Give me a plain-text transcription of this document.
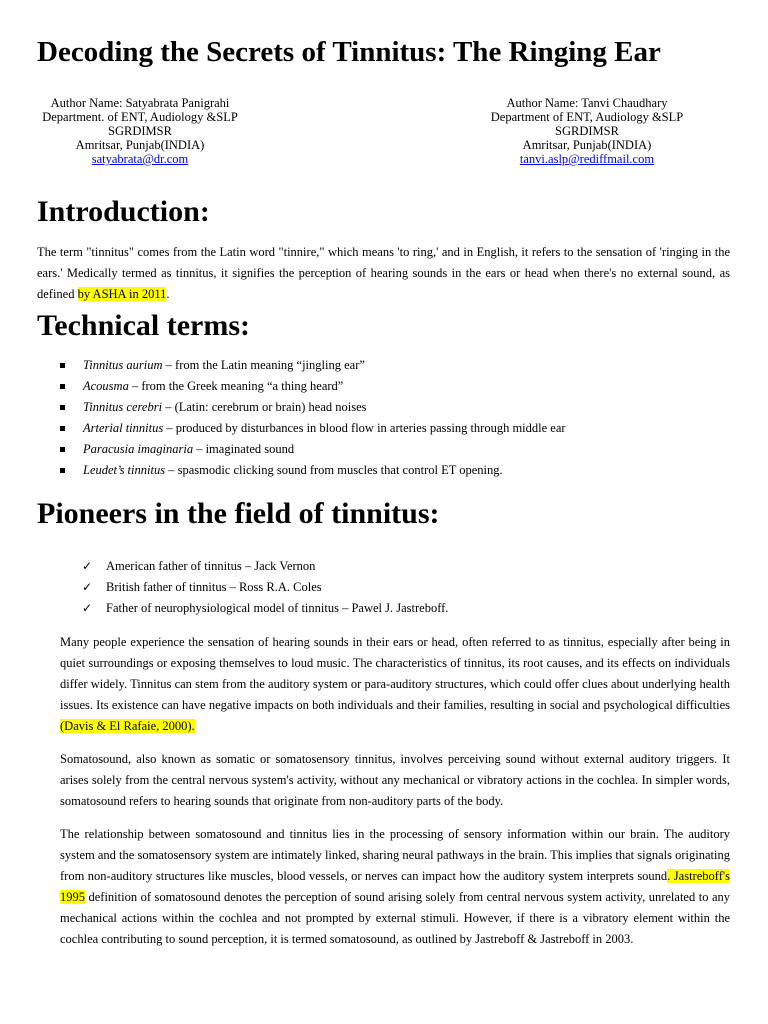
Decoding the Secrets of Tinnitus: The Ringing Ear
Author Name: Satyabrata Panigrahi
Department. of ENT, Audiology &SLP
SGRDIMSR
Amritsar, Punjab(INDIA)
satyabrata@dr.com
Author Name: Tanvi Chaudhary
Department of ENT, Audiology &SLP
SGRDIMSR
Amritsar, Punjab(INDIA)
tanvi.aslp@rediffmail.com
Introduction:

The term "tinnitus" comes from the Latin word "tinnire," which means 'to ring,' and in English, it refers to the sensation of 'ringing in the ears.' Medically termed as tinnitus, it signifies the perception of hearing sounds in the ears or head when there's no external sound, as defined by ASHA in 2011.

Technical terms:
Tinnitus aurium – from the Latin meaning “jingling ear”
Acousma – from the Greek meaning “a thing heard”
Tinnitus cerebri – (Latin: cerebrum or brain) head noises
Arterial tinnitus – produced by disturbances in blood flow in arteries passing through middle ear
Paracusia imaginaria – imaginated sound
Leudet’s tinnitus – spasmodic clicking sound from muscles that control ET opening.
Pioneers in the field of tinnitus:
✓ American father of tinnitus – Jack Vernon
✓ British father of tinnitus – Ross R.A. Coles
✓ Father of neurophysiological model of tinnitus – Pawel J. Jastreboff.

Many people experience the sensation of hearing sounds in their ears or head, often referred to as tinnitus, especially after being in quiet surroundings or exposing themselves to loud music. The characteristics of tinnitus, its root causes, and its effects on individuals differ widely. Tinnitus can stem from the auditory system or para-auditory structures, which could offer clues about underlying health issues. Its existence can have negative impacts on both individuals and their families, resulting in social and psychological difficulties (Davis & El Rafaie, 2000).

Somatosound, also known as somatic or somatosensory tinnitus, involves perceiving sound without external auditory triggers. It arises solely from the central nervous system's activity, without any mechanical or vibratory actions in the cochlea. In simpler words, somatosound refers to hearing sounds that originate from non-auditory parts of the body.

The relationship between somatosound and tinnitus lies in the processing of sensory information within our brain. The auditory system and the somatosensory system are intimately linked, sharing neural pathways in the brain. This implies that signals originating from non-auditory structures like muscles, blood vessels, or nerves can impact how the auditory system interprets sound. Jastreboff's 1995 definition of somatosound denotes the perception of sound arising solely from central nervous system activity, unrelated to any mechanical actions within the cochlea and not prompted by external stimuli. However, if there is a vibratory element within the cochlea contributing to sound perception, it is termed somatosound, as outlined by Jastreboff & Jastreboff in 2003.
